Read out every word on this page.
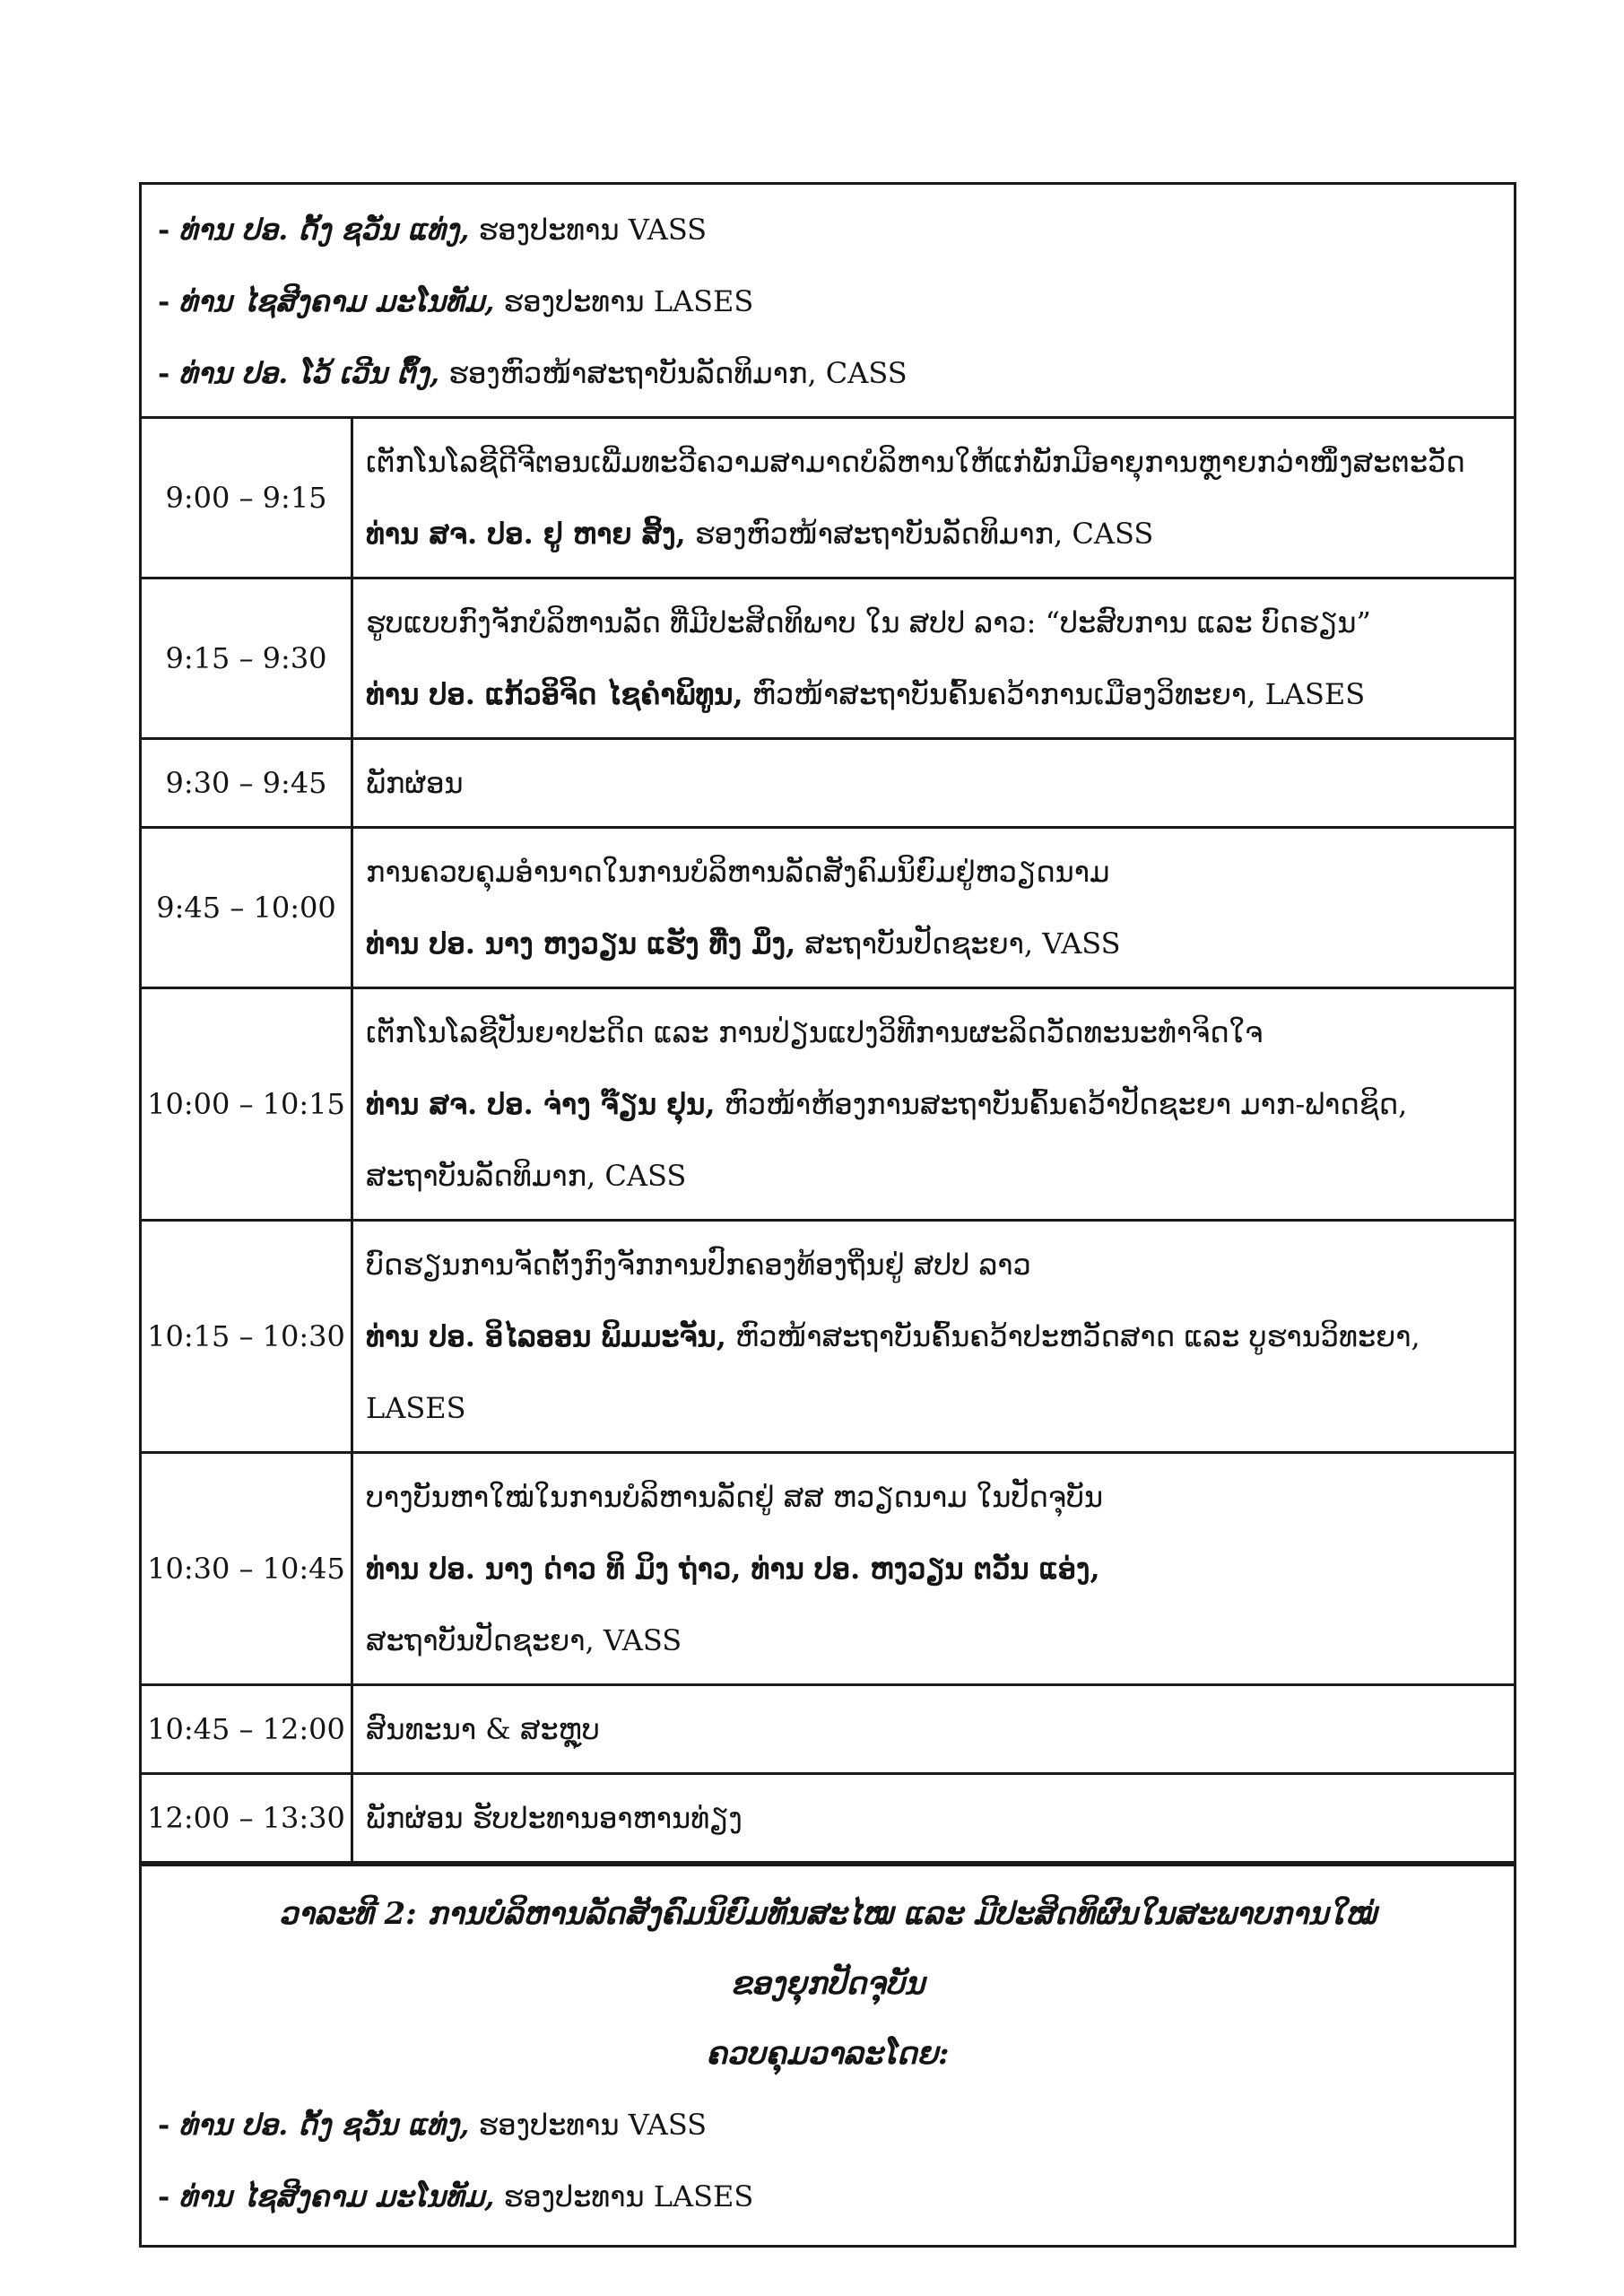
- ທ່ານ ປອ. ດັ້ງ ຊວັ່ນ ແທ່ງ, ຮອງປະທານ VASS
- ທ່ານ ໄຊສີງຄາມ ມະໂນທັມ, ຮອງປະທານ LASES
- ທ່ານ ປອ. ໂວ້ ເວີນ ຕຶ້ງ, ຮອງຫົວໜ້າສະຖາບັນລັດທິມາກ, CASS
9:00 – 9:15
ເຕັກໂນໂລຊີດີຈີຕອນເພີ່ມທະວີຄວາມສາມາດບໍລິຫານໃຫ້ແກ່ພັກມີອາຍຸການຫຼາຍກວ່າໜຶ່ງສະຕະວັດ
ທ່ານ ສຈ. ປອ. ຢູ ຫາຍ ສິ້ງ, ຮອງຫົວໜ້າສະຖາບັນລັດທິມາກ, CASS
9:15 – 9:30
ຮູບແບບກົງຈັກບໍລິຫານລັດ ທີ່ມີປະສິດທິພາບ ໃນ ສປປ ລາວ: “ປະສົບການ ແລະ ບົດຮຽນ”
ທ່ານ ປອ. ແກ້ວອິຈິດ ໄຊຄຳພິທູນ, ຫົວໜ້າສະຖາບັນຄົ້ນຄວ້າການເມືອງວິທະຍາ, LASES
9:30 – 9:45	ພັກຜ່ອນ
9:45 – 10:00
ການຄວບຄຸມອຳນາດໃນການບໍລິຫານລັດສັງຄົມນິຍົມຢູ່ຫວຽດນາມ
ທ່ານ ປອ. ນາງ ຫງວຽນ ແຮັງ ທື່ງ ມິ່ງ, ສະຖາບັນປັດຊະຍາ, VASS
10:00 – 10:15
ເຕັກໂນໂລຊີປັນຍາປະດິດ ແລະ ການປ່ຽນແປງວິທີການຜະລິດວັດທະນະທຳຈິດໃຈ
ທ່ານ ສຈ. ປອ. ຈ່າງ ຈ໊ຽນ ຢຸນ, ຫົວໜ້າຫ້ອງການສະຖາບັນຄົ້ນຄວ້າປັດຊະຍາ ມາກ-ຟາດຊິດ,
ສະຖາບັນລັດທິມາກ, CASS
10:15 – 10:30
ບົດຮຽນການຈັດຕັ້ງກົງຈັກການປົກຄອງທ້ອງຖິ່ນຢູ່ ສປປ ລາວ
ທ່ານ ປອ. ອິໄລອອນ ພິມມະຈັນ, ຫົວໜ້າສະຖາບັນຄົ້ນຄວ້າປະຫວັດສາດ ແລະ ບູຮານວິທະຍາ,
LASES
10:30 – 10:45
ບາງບັນຫາໃໝ່ໃນການບໍລິຫານລັດຢູ່ ສສ ຫວຽດນາມ ໃນປັດຈຸບັນ
ທ່ານ ປອ. ນາງ ດ່າວ ທິ ມິງ ຖ່າວ, ທ່ານ ປອ. ຫງວຽນ ຕວັນ ແອ່ງ,
ສະຖາບັນປັດຊະຍາ, VASS
10:45 – 12:00 ສົນທະນາ & ສະຫຼຸບ
12:00 – 13:30 ພັກຜ່ອນ ຮັບປະທານອາຫານທ່ຽງ
ວາລະທີ 2: ການບໍລິຫານລັດສັງຄົມນິຍົມທັນສະໄໝ ແລະ ມີປະສິດທິຜົນໃນສະພາບການໃໝ່
ຂອງຍຸກປັດຈຸບັນ
ຄວບຄຸມວາລະໂດຍ:
- ທ່ານ ປອ. ດັ້ງ ຊວັ່ນ ແທ່ງ, ຮອງປະທານ VASS
- ທ່ານ ໄຊສີງຄາມ ມະໂນທັມ, ຮອງປະທານ LASES
